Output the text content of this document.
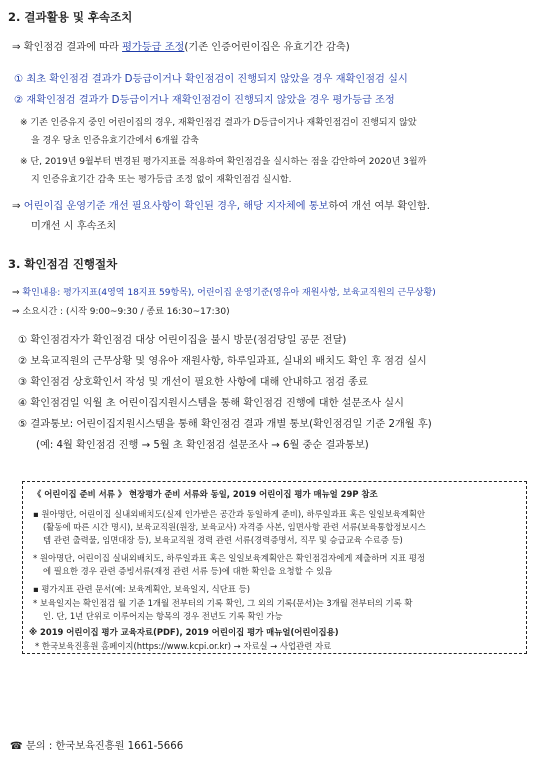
2. 결과활용 및 후속조치
⇒ 확인점검 결과에 따라 평가등급 조정(기존 인증어린이집은 유효기간 감축)
① 최초 확인점검 결과가 D등급이거나 확인점검이 진행되지 않았을 경우 재확인점검 실시
② 재확인점검 결과가 D등급이거나 재확인점검이 진행되지 않았을 경우 평가등급 조정
※ 기존 인증유지 중인 어린이집의 경우, 재확인점검 결과가 D등급이거나 재확인점검이 진행되지 않았
을 경우 당초 인증유효기간에서 6개월 감축
※ 단, 2019년 9월부터 변경된 평가지표를 적용하여 확인점검을 실시하는 점을 감안하여 2020년 3월까
지 인증유효기간 감축 또는 평가등급 조정 없이 재확인점검 실시함.
⇒ 어린이집 운영기준 개선 필요사항이 확인된 경우, 해당 지자체에 통보하여 개선 여부 확인함.
미개선 시 후속조치
3. 확인점검 진행절차
⇒ 확인내용: 평가지표(4영역 18지표 59항목), 어린이집 운영기준(영유아 재원사항, 보육교직원의 근무상황)
⇒ 소요시간 : (시작 9:00~9:30 / 종료 16:30~17:30)
① 확인점검자가 확인점검 대상 어린이집을 불시 방문(점검당일 공문 전달)
② 보육교직원의 근무상황 및 영유아 재원사항, 하루일과표, 실내외 배치도 확인 후 점검 실시
③ 확인점검 상호확인서 작성 및 개선이 필요한 사항에 대해 안내하고 점검 종료
④ 확인점검일 익월 초 어린이집지원시스템을 통해 확인점검 진행에 대한 설문조사 실시
⑤ 결과통보: 어린이집지원시스템을 통해 확인점검 결과 개별 통보(확인점검일 기준 2개월 후)
(예: 4월 확인점검 진행 → 5월 초 확인점검 설문조사 → 6월 중순 결과통보)
《 어린이집 준비 서류 》 현장평가 준비 서류와 동일, 2019 어린이집 평가 매뉴얼 29P 참조
▪ 원아명단, 어린이집 실내외배치도(실제 인가받은 공간과 동일하게 준비), 하루일과표 혹은 일일보육계획안
(활동에 따른 시간 명시), 보육교직원(원장, 보육교사) 자격증 사본, 임면사항 관련 서류(보육통합정보시스
템 관련 출력물, 임면대장 등), 보육교직원 경력 관련 서류(경력증명서, 직무 및 승급교육 수료증 등)
* 원아명단, 어린이집 실내외배치도, 하루일과표 혹은 일일보육계획안은 확인점검자에게 제출하며 지표 평정
에 필요한 경우 관련 증빙서류(재정 관련 서류 등)에 대한 확인을 요청할 수 있음
▪ 평가지표 관련 문서(예: 보육계획안, 보육일지, 식단표 등)
* 보육일지는 확인점검 월 기준 1개월 전부터의 기록 확인, 그 외의 기록(문서)는 3개월 전부터의 기록 확
인. 단, 1년 단위로 이루어지는 항목의 경우 전년도 기록 확인 가능
※ 2019 어린이집 평가 교육자료(PDF), 2019 어린이집 평가 매뉴얼(어린이집용)
* 한국보육진흥원 홈페이지(https://www.kcpi.or.kr) → 자료실 → 사업관련 자료
☎ 문의 : 한국보육진흥원 1661-5666
